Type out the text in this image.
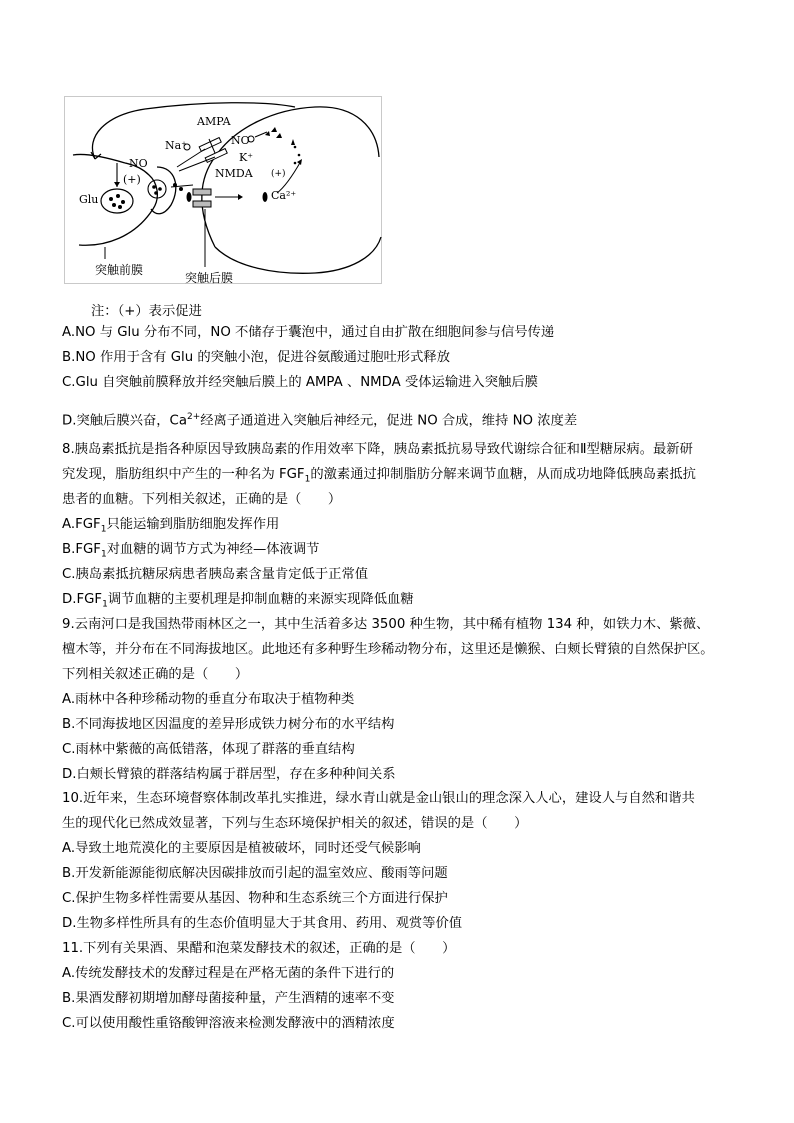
AMPA
Na⁺	NO
K⁺
NO
(+)
Glu
NMDA
Ca²⁺
(+)
突触前膜
突触后膜
注：（+）表示促进
A.NO 与 Glu 分布不同，NO 不储存于囊泡中，通过自由扩散在细胞间参与信号传递
B.NO 作用于含有 Glu 的突触小泡，促进谷氨酸通过胞吐形式释放
C.Glu 自突触前膜释放并经突触后膜上的 AMPA 、NMDA 受体运输进入突触后膜
D.突触后膜兴奋，$Ca^{2+}$经离子通道进入突触后神经元，促进 NO 合成，维持 NO 浓度差
8.胰岛素抵抗是指各种原因导致胰岛素的作用效率下降，胰岛素抵抗易导致代谢综合征和Ⅱ型糖尿病。最新研
究发现，脂肪组织中产生的一种名为 $FGF_1$的激素通过抑制脂肪分解来调节血糖，从而成功地降低胰岛素抵抗
患者的血糖。下列相关叙述，正确的是（　　）
$A.FGF_1$只能运输到脂肪细胞发挥作用
$B.FGF_1$对血糖的调节方式为神经—体液调节
C.胰岛素抵抗糖尿病患者胰岛素含量肯定低于正常值
$D.FGF_1$调节血糖的主要机理是抑制血糖的来源实现降低血糖
9.云南河口是我国热带雨林区之一，其中生活着多达 3500 种生物，其中稀有植物 134 种，如铁力木、紫薇、
檀木等，并分布在不同海拔地区。此地还有多种野生珍稀动物分布，这里还是懒猴、白颊长臂猿的自然保护区。
下列相关叙述正确的是（　　）
A.雨林中各种珍稀动物的垂直分布取决于植物种类
B.不同海拔地区因温度的差异形成铁力树分布的水平结构
C.雨林中紫薇的高低错落，体现了群落的垂直结构
D.白颊长臂猿的群落结构属于群居型，存在多种种间关系
10.近年来，生态环境督察体制改革扎实推进，绿水青山就是金山银山的理念深入人心，建设人与自然和谐共
生的现代化已然成效显著，下列与生态环境保护相关的叙述，错误的是（　　）
A.导致土地荒漠化的主要原因是植被破坏，同时还受气候影响
B.开发新能源能彻底解决因碳排放而引起的温室效应、酸雨等问题
C.保护生物多样性需要从基因、物种和生态系统三个方面进行保护
D.生物多样性所具有的生态价值明显大于其食用、药用、观赏等价值
11.下列有关果酒、果醋和泡菜发酵技术的叙述，正确的是（　　）
A.传统发酵技术的发酵过程是在严格无菌的条件下进行的
B.果酒发酵初期增加酵母菌接种量，产生酒精的速率不变
C.可以使用酸性重铬酸钾溶液来检测发酵液中的酒精浓度
